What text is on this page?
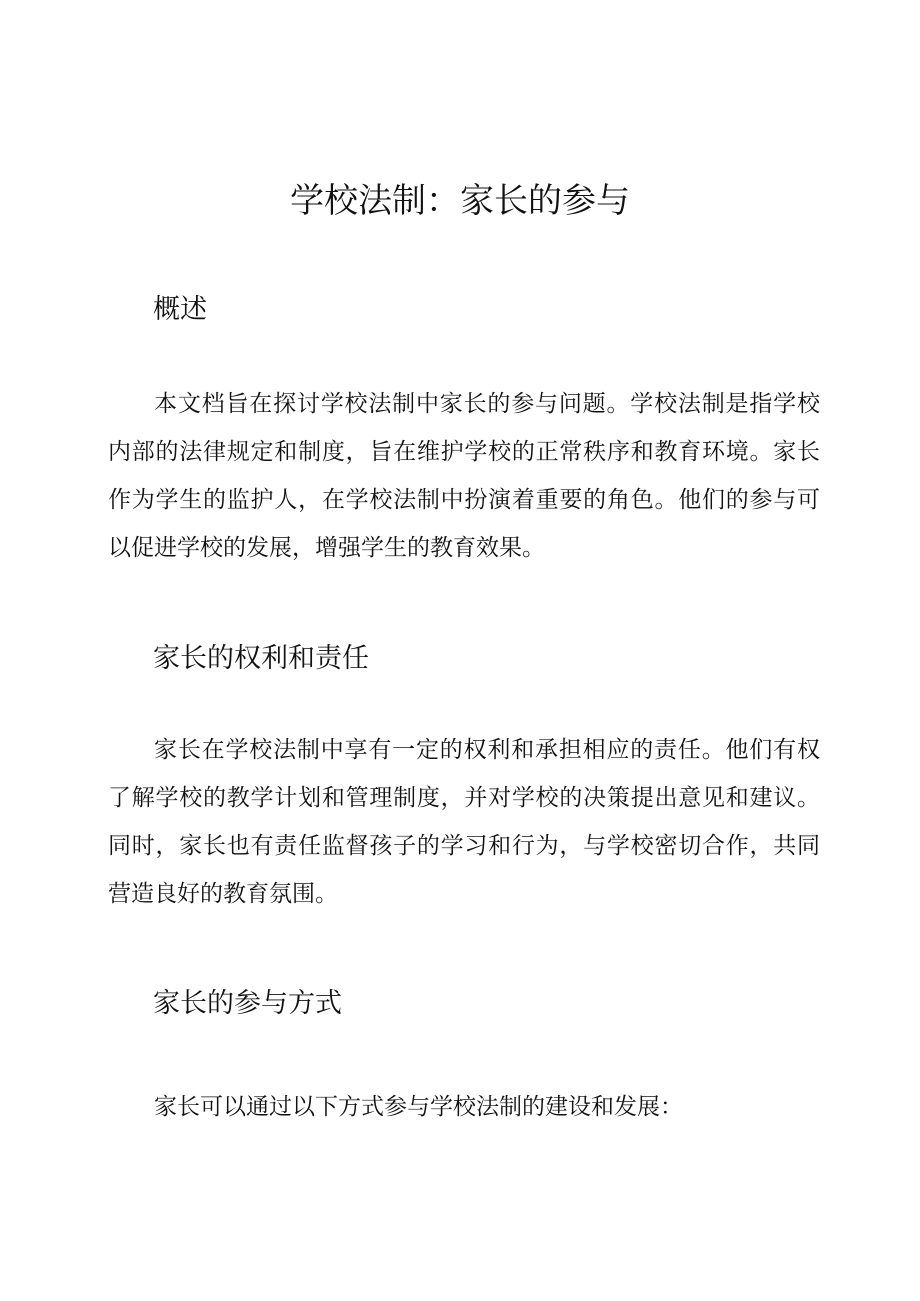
学校法制：家长的参与
概述

本文档旨在探讨学校法制中家长的参与问题。学校法制是指学校内部的法律规定和制度，旨在维护学校的正常秩序和教育环境。家长作为学生的监护人，在学校法制中扮演着重要的角色。他们的参与可以促进学校的发展，增强学生的教育效果。

家长的权利和责任

家长在学校法制中享有一定的权利和承担相应的责任。他们有权了解学校的教学计划和管理制度，并对学校的决策提出意见和建议。同时，家长也有责任监督孩子的学习和行为，与学校密切合作，共同营造良好的教育氛围。

家长的参与方式

家长可以通过以下方式参与学校法制的建设和发展：
